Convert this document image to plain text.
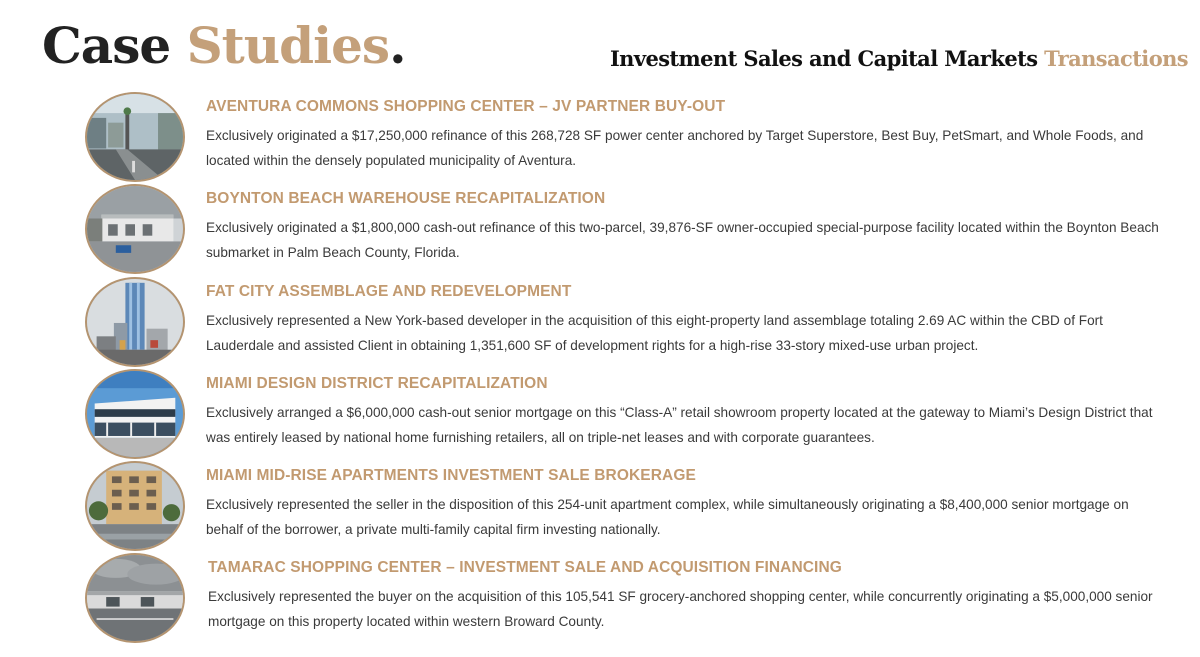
Case Studies.	Investment Sales and Capital Markets Transactions

AVENTURA COMMONS SHOPPING CENTER – JV PARTNER BUY-OUT

Exclusively originated a $17,250,000 refinance of this 268,728 SF power center anchored by Target Superstore, Best Buy, PetSmart, and Whole Foods, and located within the densely populated municipality of Aventura.

BOYNTON BEACH WAREHOUSE RECAPITALIZATION

Exclusively originated a $1,800,000 cash-out refinance of this two-parcel, 39,876-SF owner-occupied special-purpose facility located within the Boynton Beach submarket in Palm Beach County, Florida.

FAT CITY ASSEMBLAGE AND REDEVELOPMENT

Exclusively represented a New York-based developer in the acquisition of this eight-property land assemblage totaling 2.69 AC within the CBD of Fort Lauderdale and assisted Client in obtaining 1,351,600 SF of development rights for a high-rise 33-story mixed-use urban project.

MIAMI DESIGN DISTRICT RECAPITALIZATION

Exclusively arranged a $6,000,000 cash-out senior mortgage on this “Class-A” retail showroom property located at the gateway to Miami’s Design District that was entirely leased by national home furnishing retailers, all on triple-net leases and with corporate guarantees.

MIAMI MID-RISE APARTMENTS INVESTMENT SALE BROKERAGE

Exclusively represented the seller in the disposition of this 254-unit apartment complex, while simultaneously originating a $8,400,000 senior mortgage on behalf of the borrower, a private multi-family capital firm investing nationally.

TAMARAC SHOPPING CENTER – INVESTMENT SALE AND ACQUISITION FINANCING

Exclusively represented the buyer on the acquisition of this 105,541 SF grocery-anchored shopping center, while concurrently originating a $5,000,000 senior mortgage on this property located within western Broward County.
